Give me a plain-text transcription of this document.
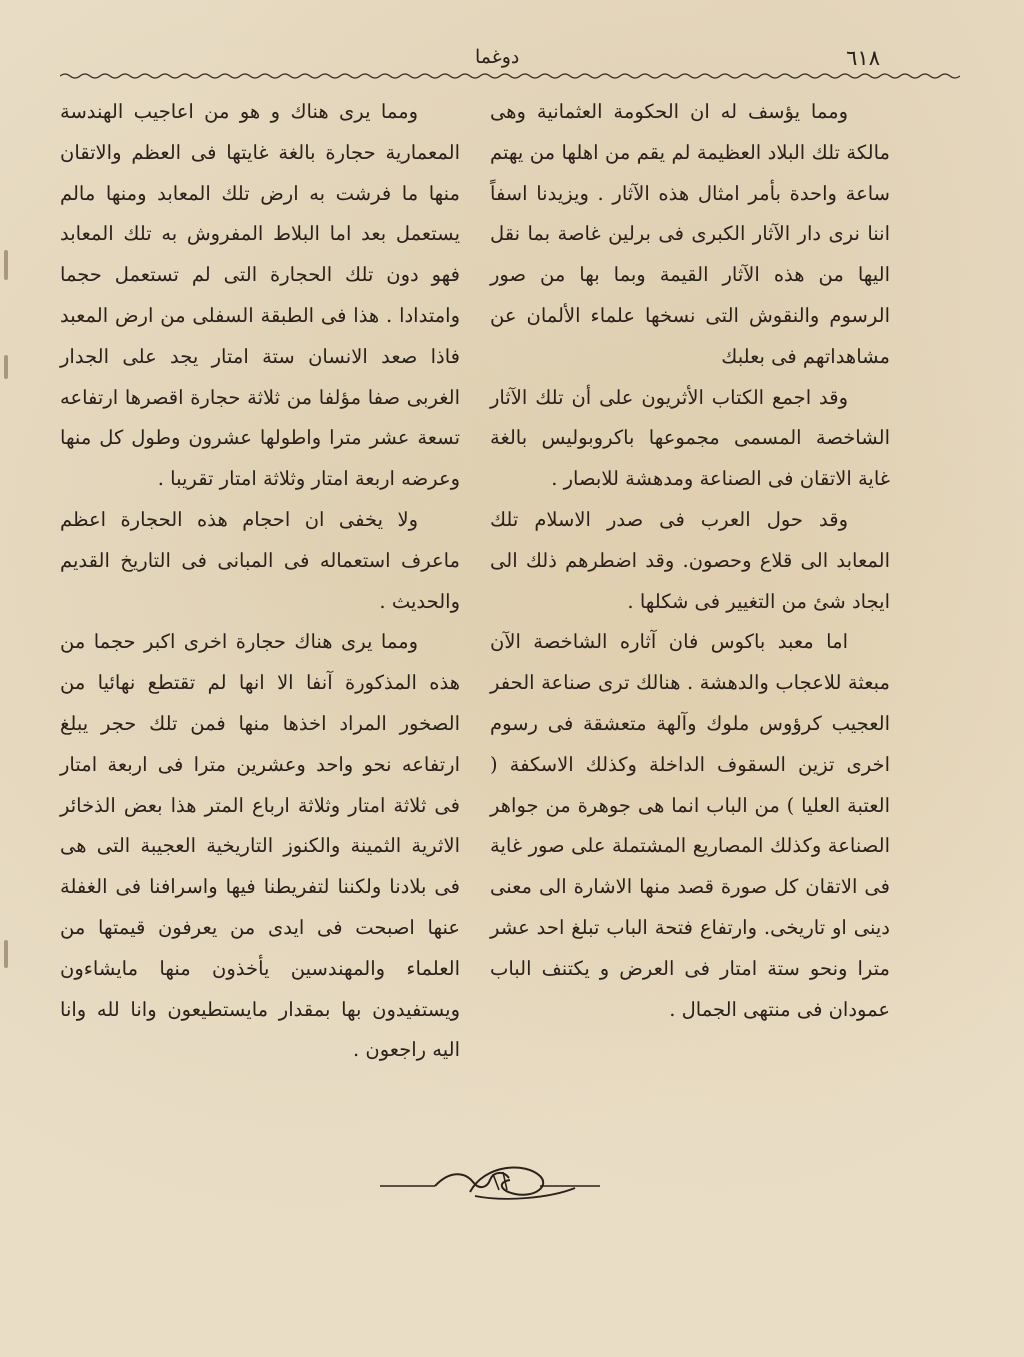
٦١٨
دوغما

ومما يؤسف له ان الحكومة العثمانية وهى مالكة تلك البلاد العظيمة لم يقم من اهلها من يهتم ساعة واحدة بأمر امثال هذه الآثار . ويزيدنا اسفاً اننا نرى دار الآثار الكبرى فى برلين غاصة بما نقل اليها من هذه الآثار القيمة وبما بها من صور الرسوم والنقوش التى نسخها علماء الألمان عن مشاهداتهم فى بعلبك

وقد اجمع الكتاب الأثريون على أن تلك الآثار الشاخصة المسمى مجموعها باكروبوليس بالغة غاية الاتقان فى الصناعة ومدهشة للابصار .

وقد حول العرب فى صدر الاسلام تلك المعابد الى قلاع وحصون. وقد اضطرهم ذلك الى ايجاد شئ من التغيير فى شكلها .

اما معبد باكوس فان آثاره الشاخصة الآن مبعثة للاعجاب والدهشة . هنالك ترى صناعة الحفر العجيب كرؤوس ملوك وآلهة متعشقة فى رسوم اخرى تزين السقوف الداخلة وكذلك الاسكفة ( العتبة العليا ) من الباب انما هى جوهرة من جواهر الصناعة وكذلك المصاريع المشتملة على صور غاية فى الاتقان كل صورة قصد منها الاشارة الى معنى دينى او تاريخى. وارتفاع فتحة الباب تبلغ احد عشر مترا ونحو ستة امتار فى العرض و يكتنف الباب عمودان فى منتهى الجمال .

ومما يرى هناك و هو من اعاجيب الهندسة المعمارية حجارة بالغة غايتها فى العظم والاتقان منها ما فرشت به ارض تلك المعابد ومنها مالم يستعمل بعد اما البلاط المفروش به تلك المعابد فهو دون تلك الحجارة التى لم تستعمل حجما وامتدادا . هذا فى الطبقة السفلى من ارض المعبد فاذا صعد الانسان ستة امتار يجد على الجدار الغربى صفا مؤلفا من ثلاثة حجارة اقصرها ارتفاعه تسعة عشر مترا واطولها عشرون وطول كل منها وعرضه اربعة امتار وثلاثة امتار تقريبا .

ولا يخفى ان احجام هذه الحجارة اعظم ماعرف استعماله فى المبانى فى التاريخ القديم والحديث .

ومما يرى هناك حجارة اخرى اكبر حجما من هذه المذكورة آنفا الا انها لم تقتطع نهائيا من الصخور المراد اخذها منها فمن تلك حجر يبلغ ارتفاعه نحو واحد وعشرين مترا فى اربعة امتار فى ثلاثة امتار وثلاثة ارباع المتر هذا بعض الذخائر الاثرية الثمينة والكنوز التاريخية العجيبة التى هى فى بلادنا ولكننا لتفريطنا فيها واسرافنا فى الغفلة عنها اصبحت فى ايدى من يعرفون قيمتها من العلماء والمهندسين يأخذون منها مايشاءون ويستفيدون بها بمقدار مايستطيعون وانا لله وانا اليه راجعون .
